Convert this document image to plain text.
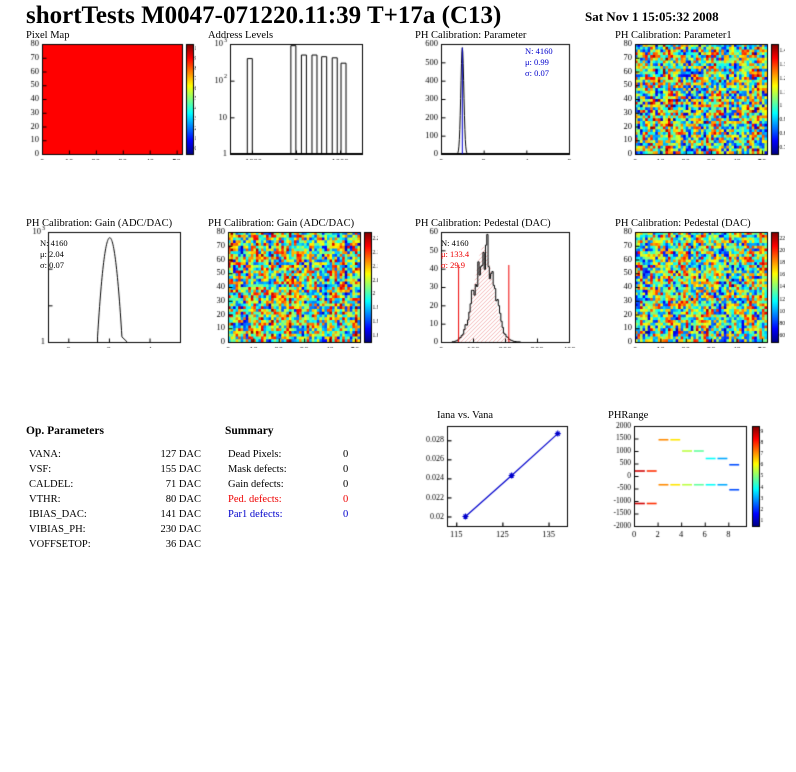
shortTests M0047-071220.11:39 T+17a (C13)	Sat Nov 1 15:05:32 2008
N: 4160
μ: 0.99
σ: 0.07
N: 4160
μ: 2.04
σ: 0.07
N: 4160
μ: 133.4
σ: 29.9
Op. Parameters
VANA:	127 DAC
VSF:	155 DAC
CALDEL:	71 DAC
VTHR:	80 DAC
IBIAS_DAC:	141 DAC
VIBIAS_PH:	230 DAC
VOFFSETOP:	36 DAC
Summary
Dead Pixels:	0
Mask defects:	0
Gain defects:	0
Ped. defects:	0
Par1 defects:	0
